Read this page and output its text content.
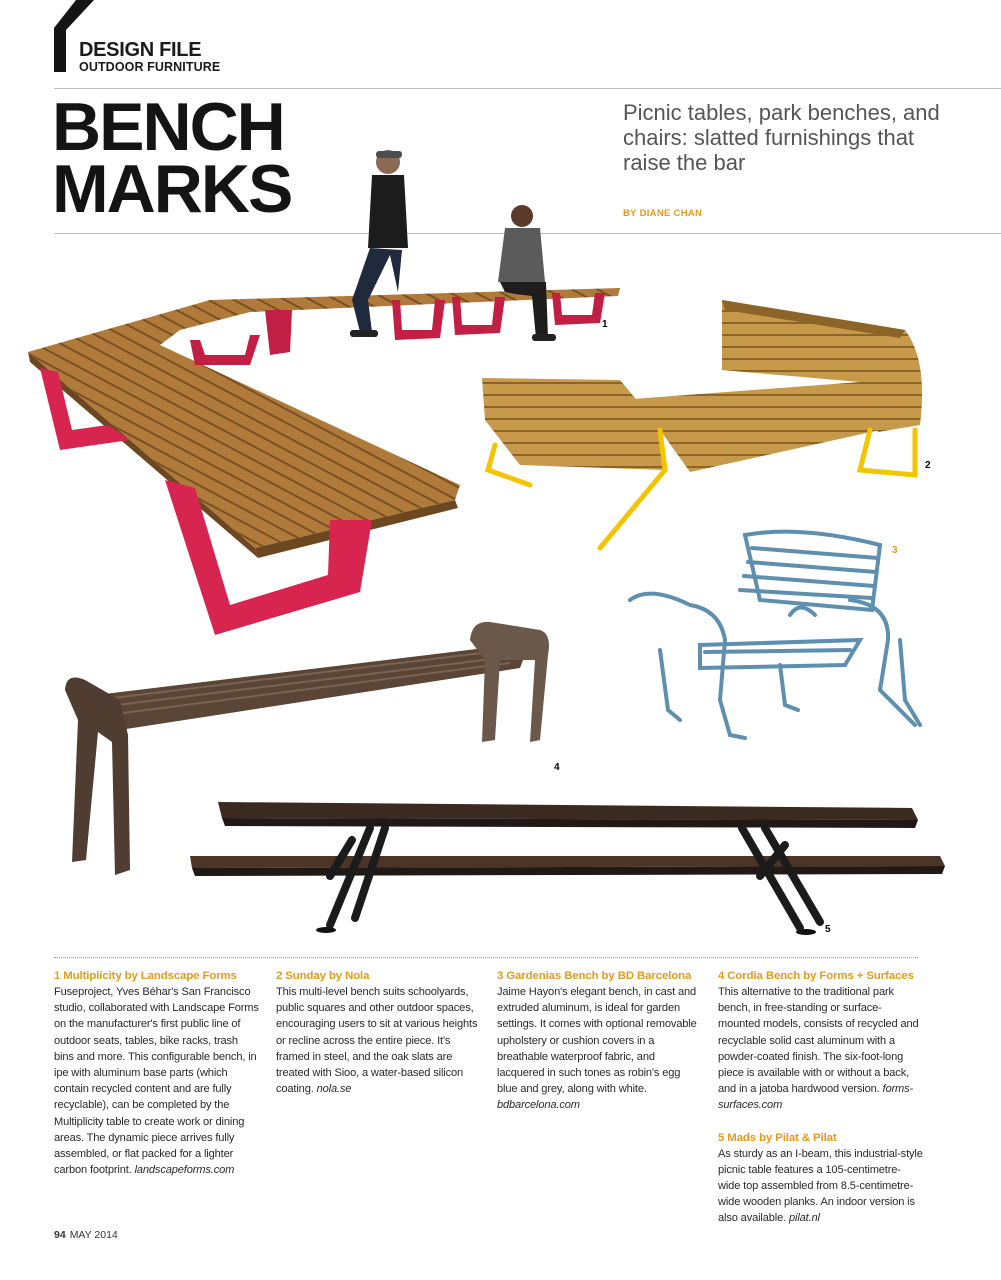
DESIGN FILE
OUTDOOR FURNITURE
BENCH
MARKS
Picnic tables, park benches, and chairs: slatted furnishings that raise the bar
BY DIANE CHAN
1
2
3
4
5
1 Multiplicity by Landscape Forms

Fuseproject, Yves Béhar's San Francisco studio, collaborated with Landscape Forms on the manufacturer's first public line of outdoor seats, tables, bike racks, trash bins and more. This configurable bench, in ipe with aluminum base parts (which contain recycled content and are fully recyclable), can be completed by the Multiplicity table to create work or dining areas. The dynamic piece arrives fully assembled, or flat packed for a lighter carbon footprint. landscapeforms.com

2 Sunday by Nola

This multi-level bench suits schoolyards, public squares and other outdoor spaces, encouraging users to sit at various heights or recline across the entire piece. It's framed in steel, and the oak slats are treated with Sioo, a water-based silicon coating. nola.se

3 Gardenias Bench by BD Barcelona

Jaime Hayon's elegant bench, in cast and extruded aluminum, is ideal for garden settings. It comes with optional removable upholstery or cushion covers in a breathable waterproof fabric, and lacquered in such tones as robin's egg blue and grey, along with white. bdbarcelona.com

4 Cordia Bench by Forms + Surfaces

This alternative to the traditional park bench, in free-standing or surface-mounted models, consists of recycled and recyclable solid cast aluminum with a powder-coated finish. The six-foot-long piece is available with or without a back, and in a jatoba hardwood version. forms-surfaces.com

5 Mads by Pilat & Pilat

As sturdy as an I-beam, this industrial-style picnic table features a 105-centimetre-wide top assembled from 8.5-centimetre-wide wooden planks. An indoor version is also available. pilat.nl

94 MAY 2014
